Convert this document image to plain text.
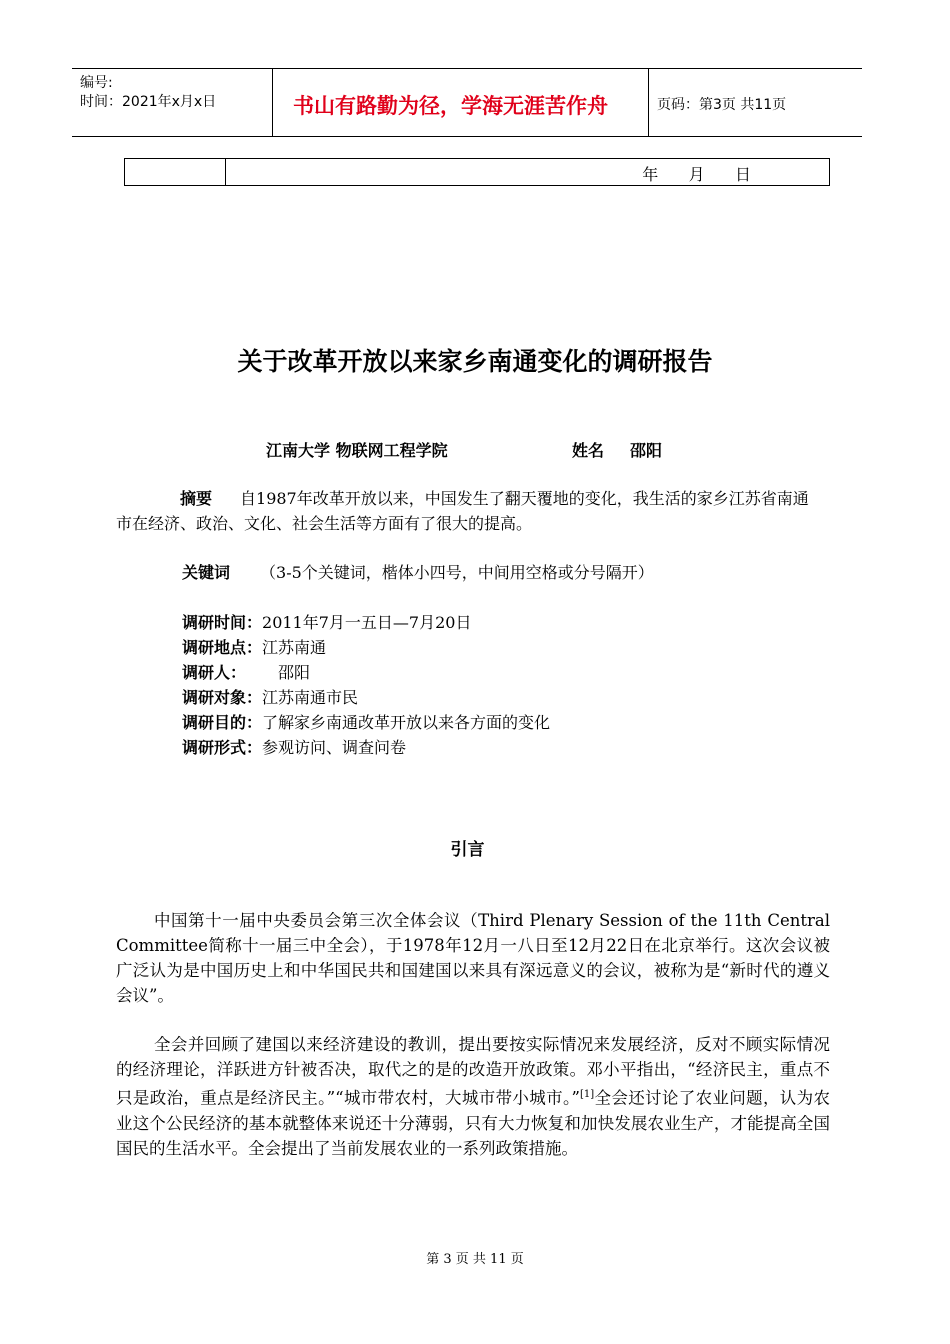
编号:
时间：2021年x月x日	书山有路勤为径，学海无涯苦作舟	页码：第3页 共11页
年    月    日
关于改革开放以来家乡南通变化的调研报告
江南大学 物联网工程学院	姓名 邵阳
摘要 自1987年改革开放以来，中国发生了翻天覆地的变化，我生活的家乡江苏省南通市在经济、政治、文化、社会生活等方面有了很大的提高。
关键词 （3-5个关键词，楷体小四号，中间用空格或分号隔开）
调研时间：2011年7月一五日—7月20日
调研地点：江苏南通
调研人： 邵阳
调研对象：江苏南通市民
调研目的：了解家乡南通改革开放以来各方面的变化
调研形式：参观访问、调查问卷
引言
中国第十一届中央委员会第三次全体会议（Third Plenary Session of the 11th Central Committee简称十一届三中全会），于1978年12月一八日至12月22日在北京举行。这次会议被广泛认为是中国历史上和中华国民共和国建国以来具有深远意义的会议，被称为是“新时代的遵义会议”。
全会并回顾了建国以来经济建设的教训，提出要按实际情况来发展经济，反对不顾实际情况的经济理论，洋跃进方针被否决，取代之的是的改造开放政策。邓小平指出，“经济民主，重点不只是政治，重点是经济民主。”“城市带农村，大城市带小城市。”[1]全会还讨论了农业问题，认为农业这个公民经济的基本就整体来说还十分薄弱，只有大力恢复和加快发展农业生产，才能提高全国国民的生活水平。全会提出了当前发展农业的一系列政策措施。
第 3 页 共 11 页
